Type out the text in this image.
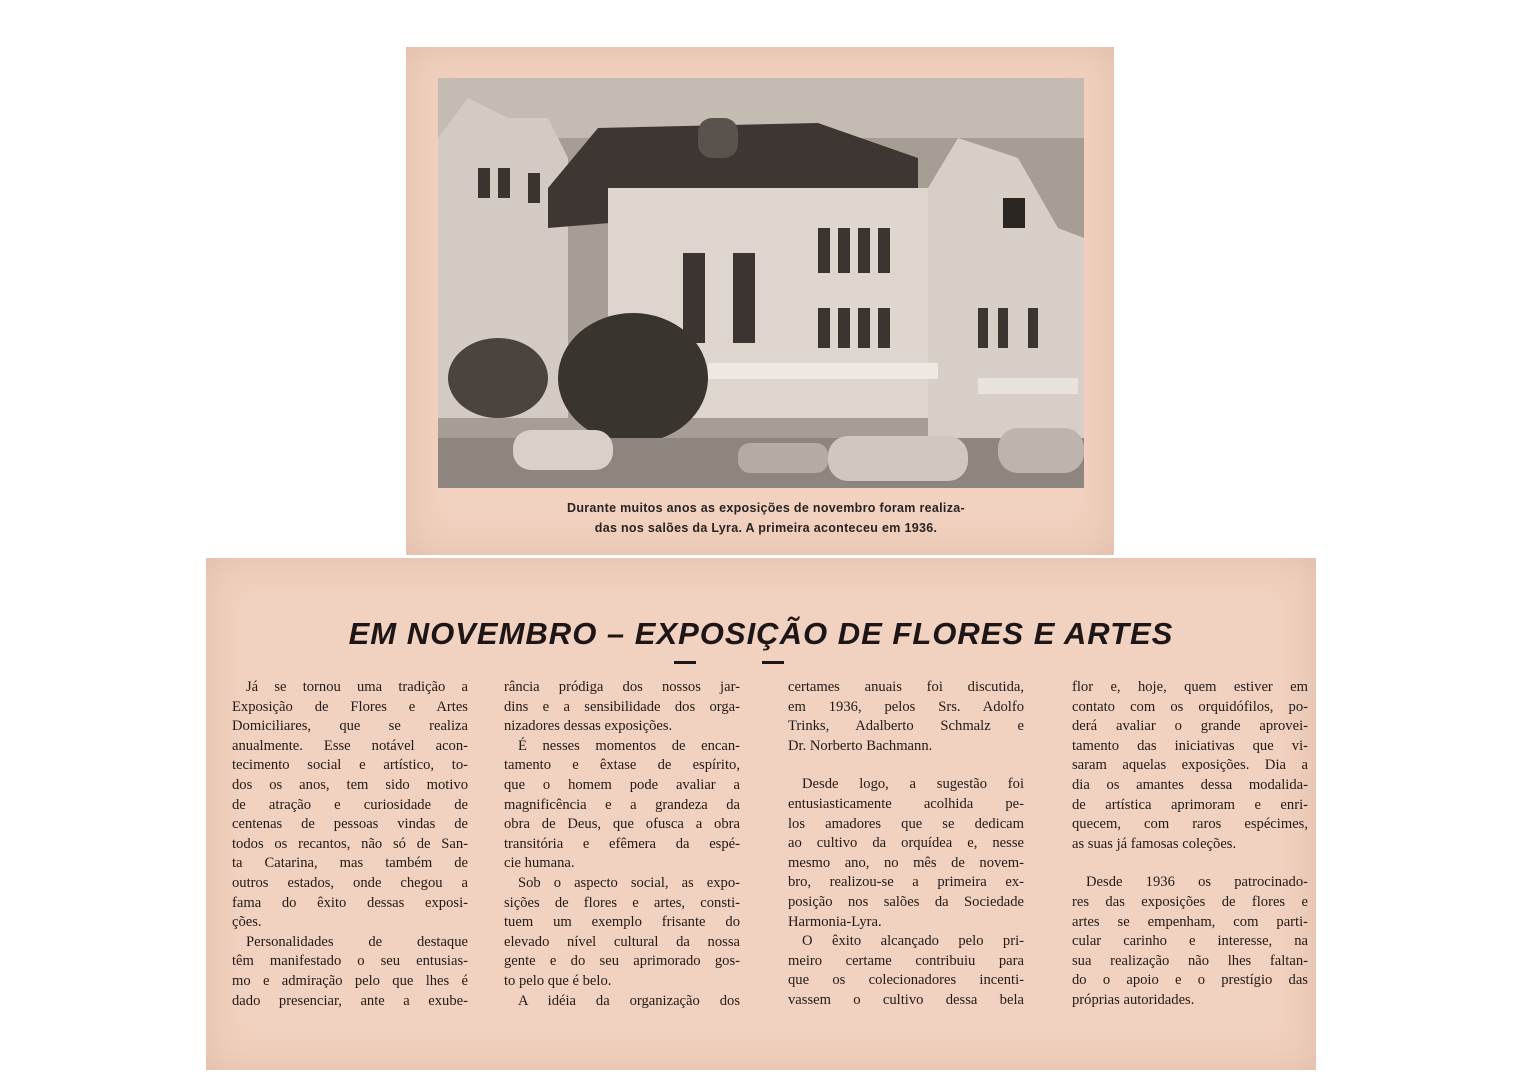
Durante muitos anos as exposições de novembro foram realiza-
das nos salões da Lyra. A primeira aconteceu em 1936.
EM NOVEMBRO – EXPOSIÇÃO DE FLORES E ARTES
Já se tornou uma tradição a
Exposição de Flores e Artes
Domiciliares, que se realiza
anualmente. Esse notável acon-
tecimento social e artístico, to-
dos os anos, tem sido motivo
de atração e curiosidade de
centenas de pessoas vindas de
todos os recantos, não só de San-
ta Catarina, mas também de
outros estados, onde chegou a
fama do êxito dessas exposi-
ções.
Personalidades de destaque
têm manifestado o seu entusias-
mo e admiração pelo que lhes é
dado presenciar, ante a exube-
rância pródiga dos nossos jar-
dins e a sensibilidade dos orga-
nizadores dessas exposições.
É nesses momentos de encan-
tamento e êxtase de espírito,
que o homem pode avaliar a
magnificência e a grandeza da
obra de Deus, que ofusca a obra
transitória e efêmera da espé-
cie humana.
Sob o aspecto social, as expo-
sições de flores e artes, consti-
tuem um exemplo frisante do
elevado nível cultural da nossa
gente e do seu aprimorado gos-
to pelo que é belo.
A idéia da organização dos
certames anuais foi discutida,
em 1936, pelos Srs. Adolfo
Trinks, Adalberto Schmalz e
Dr. Norberto Bachmann.
Desde logo, a sugestão foi
entusiasticamente acolhida pe-
los amadores que se dedicam
ao cultivo da orquídea e, nesse
mesmo ano, no mês de novem-
bro, realizou-se a primeira ex-
posição nos salões da Sociedade
Harmonia-Lyra.
O êxito alcançado pelo pri-
meiro certame contribuiu para
que os colecionadores incenti-
vassem o cultivo dessa bela
flor e, hoje, quem estiver em
contato com os orquidófilos, po-
derá avaliar o grande aprovei-
tamento das iniciativas que vi-
saram aquelas exposições. Dia a
dia os amantes dessa modalida-
de artística aprimoram e enri-
quecem, com raros espécimes,
as suas já famosas coleções.
Desde 1936 os patrocinado-
res das exposições de flores e
artes se empenham, com parti-
cular carinho e interesse, na
sua realização não lhes faltan-
do o apoio e o prestígio das
próprias autoridades.
